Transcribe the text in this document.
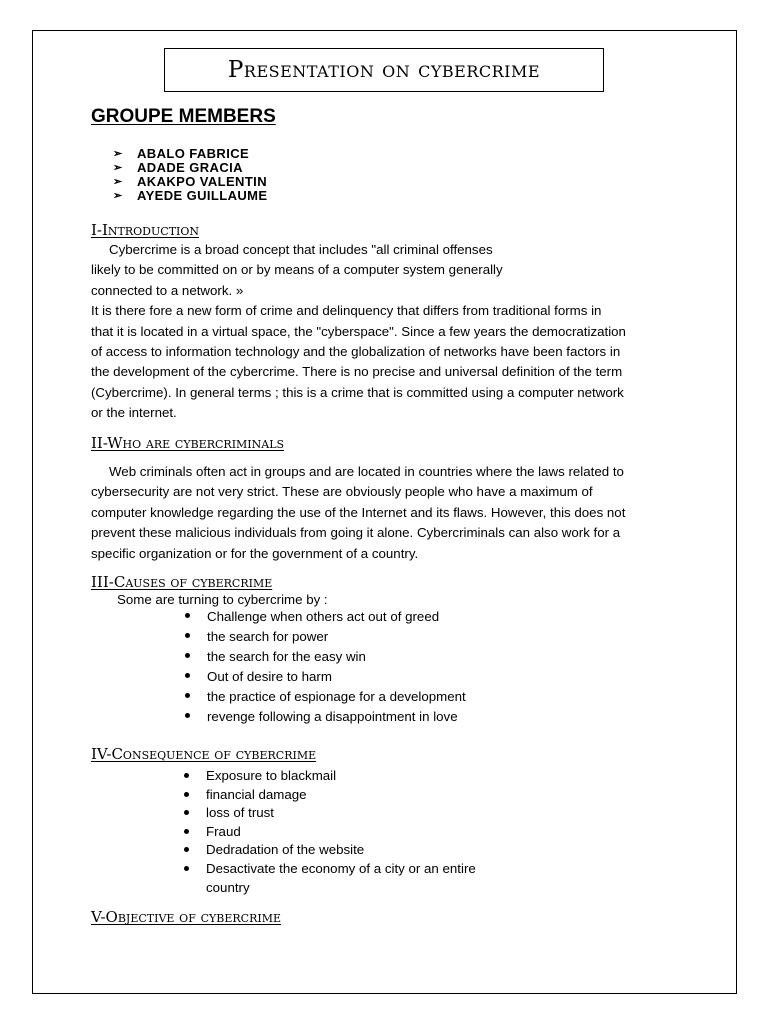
Presentation on cybercrime
GROUPE MEMBERS
➢	ABALO FABRICE
➢	ADADE GRACIA
➢	AKAKPO VALENTIN
➢	AYEDE GUILLAUME
I-Introduction
Cybercrime is a broad concept that includes "all criminal offenses
likely to be committed on or by means of a computer system generally
connected to a network. »
It is there fore a new form of crime and delinquency that differs from traditional forms in
that it is located in a virtual space, the "cyberspace". Since a few years the democratization
of access to information technology and the globalization of networks have been factors in
the development of the cybercrime. There is no precise and universal definition of the term
(Cybercrime). In general terms ; this is a crime that is committed using a computer network
or the internet.
II-Who are cybercriminals
Web criminals often act in groups and are located in countries where the laws related to
cybersecurity are not very strict. These are obviously people who have a maximum of
computer knowledge regarding the use of the Internet and its flaws. However, this does not
prevent these malicious individuals from going it alone. Cybercriminals can also work for a
specific organization or for the government of a country.
III-Causes of cybercrime
Some are turning to cybercrime by :
Challenge when others act out of greed
the search for power
the search for the easy win
Out of desire to harm
the practice of espionage for a development
revenge following a disappointment in love
IV-Consequence of cybercrime
Exposure to blackmail
financial damage
loss of trust
Fraud
Dedradation of the website
Desactivate the economy of a city or an entire
country
V-Objective of cybercrime
